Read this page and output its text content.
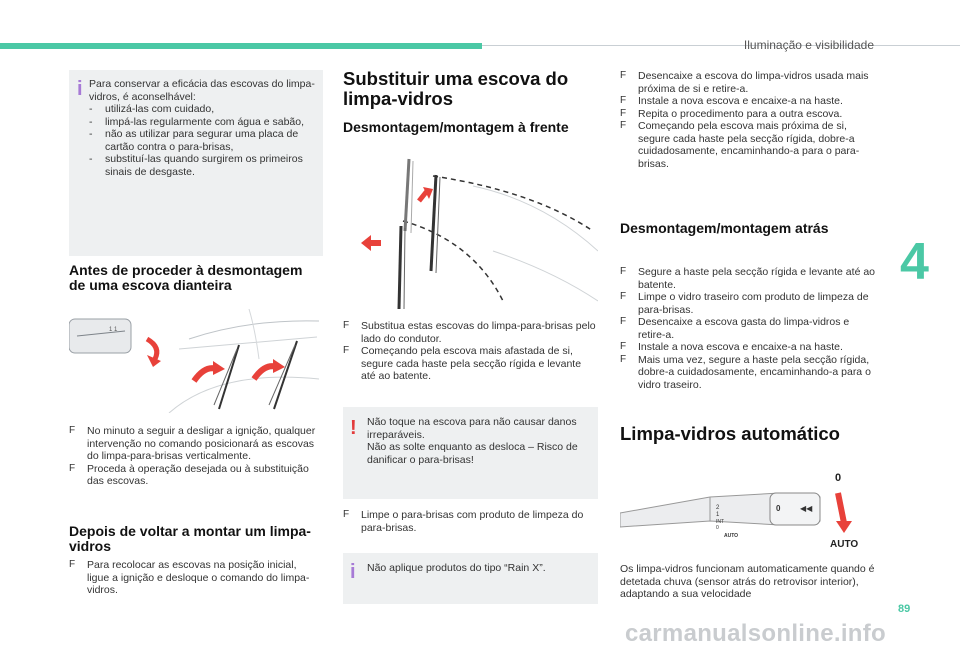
Iluminação e visibilidade
4
89
i Para conservar a eficácia das escovas do limpa-vidros, é aconselhável:
- utilizá-las com cuidado,
- limpá-las regularmente com água e sabão,
- não as utilizar para segurar uma placa de cartão contra o para-brisas,
- substituí-las quando surgirem os primeiros sinais de desgaste.
Antes de proceder à desmontagem de uma escova dianteira
1 1
F No minuto a seguir a desligar a ignição, qualquer intervenção no comando posicionará as escovas do limpa-para-brisas verticalmente.
F Proceda à operação desejada ou à substituição das escovas.
Depois de voltar a montar um limpa-vidros
F Para recolocar as escovas na posição inicial, ligue a ignição e desloque o comando do limpa-vidros.
Substituir uma escova do limpa-vidros
Desmontagem/montagem à frente
F Substitua estas escovas do limpa-para-brisas pelo lado do condutor.
F Começando pela escova mais afastada de si, segure cada haste pela secção rígida e levante até ao batente.
! Não toque na escova para não causar danos irreparáveis.
Não as solte enquanto as desloca – Risco de danificar o para-brisas!
F Limpe o para-brisas com produto de limpeza do para-brisas.
i Não aplique produtos do tipo “Rain X”.
F Desencaixe a escova do limpa-vidros usada mais próxima de si e retire-a.
F Instale a nova escova e encaixe-a na haste.
F Repita o procedimento para a outra escova.
F Começando pela escova mais próxima de si, segure cada haste pela secção rígida, dobre-a cuidadosamente, encaminhando-a para o para-brisas.
Desmontagem/montagem atrás
F Segure a haste pela secção rígida e levante até ao batente.
F Limpe o vidro traseiro com produto de limpeza de para-brisas.
F Desencaixe a escova gasta do limpa-vidros e retire-a.
F Instale a nova escova e encaixe-a na haste.
F Mais uma vez, segure a haste pela secção rígida, dobre-a cuidadosamente, encaminhando-a para o vidro traseiro.
Limpa-vidros automático
2
1
INT
0
AUTO
0 ◀◀
0
AUTO
Os limpa-vidros funcionam automaticamente quando é detetada chuva (sensor atrás do retrovisor interior), adaptando a sua velocidade
carmanualsonline.info
